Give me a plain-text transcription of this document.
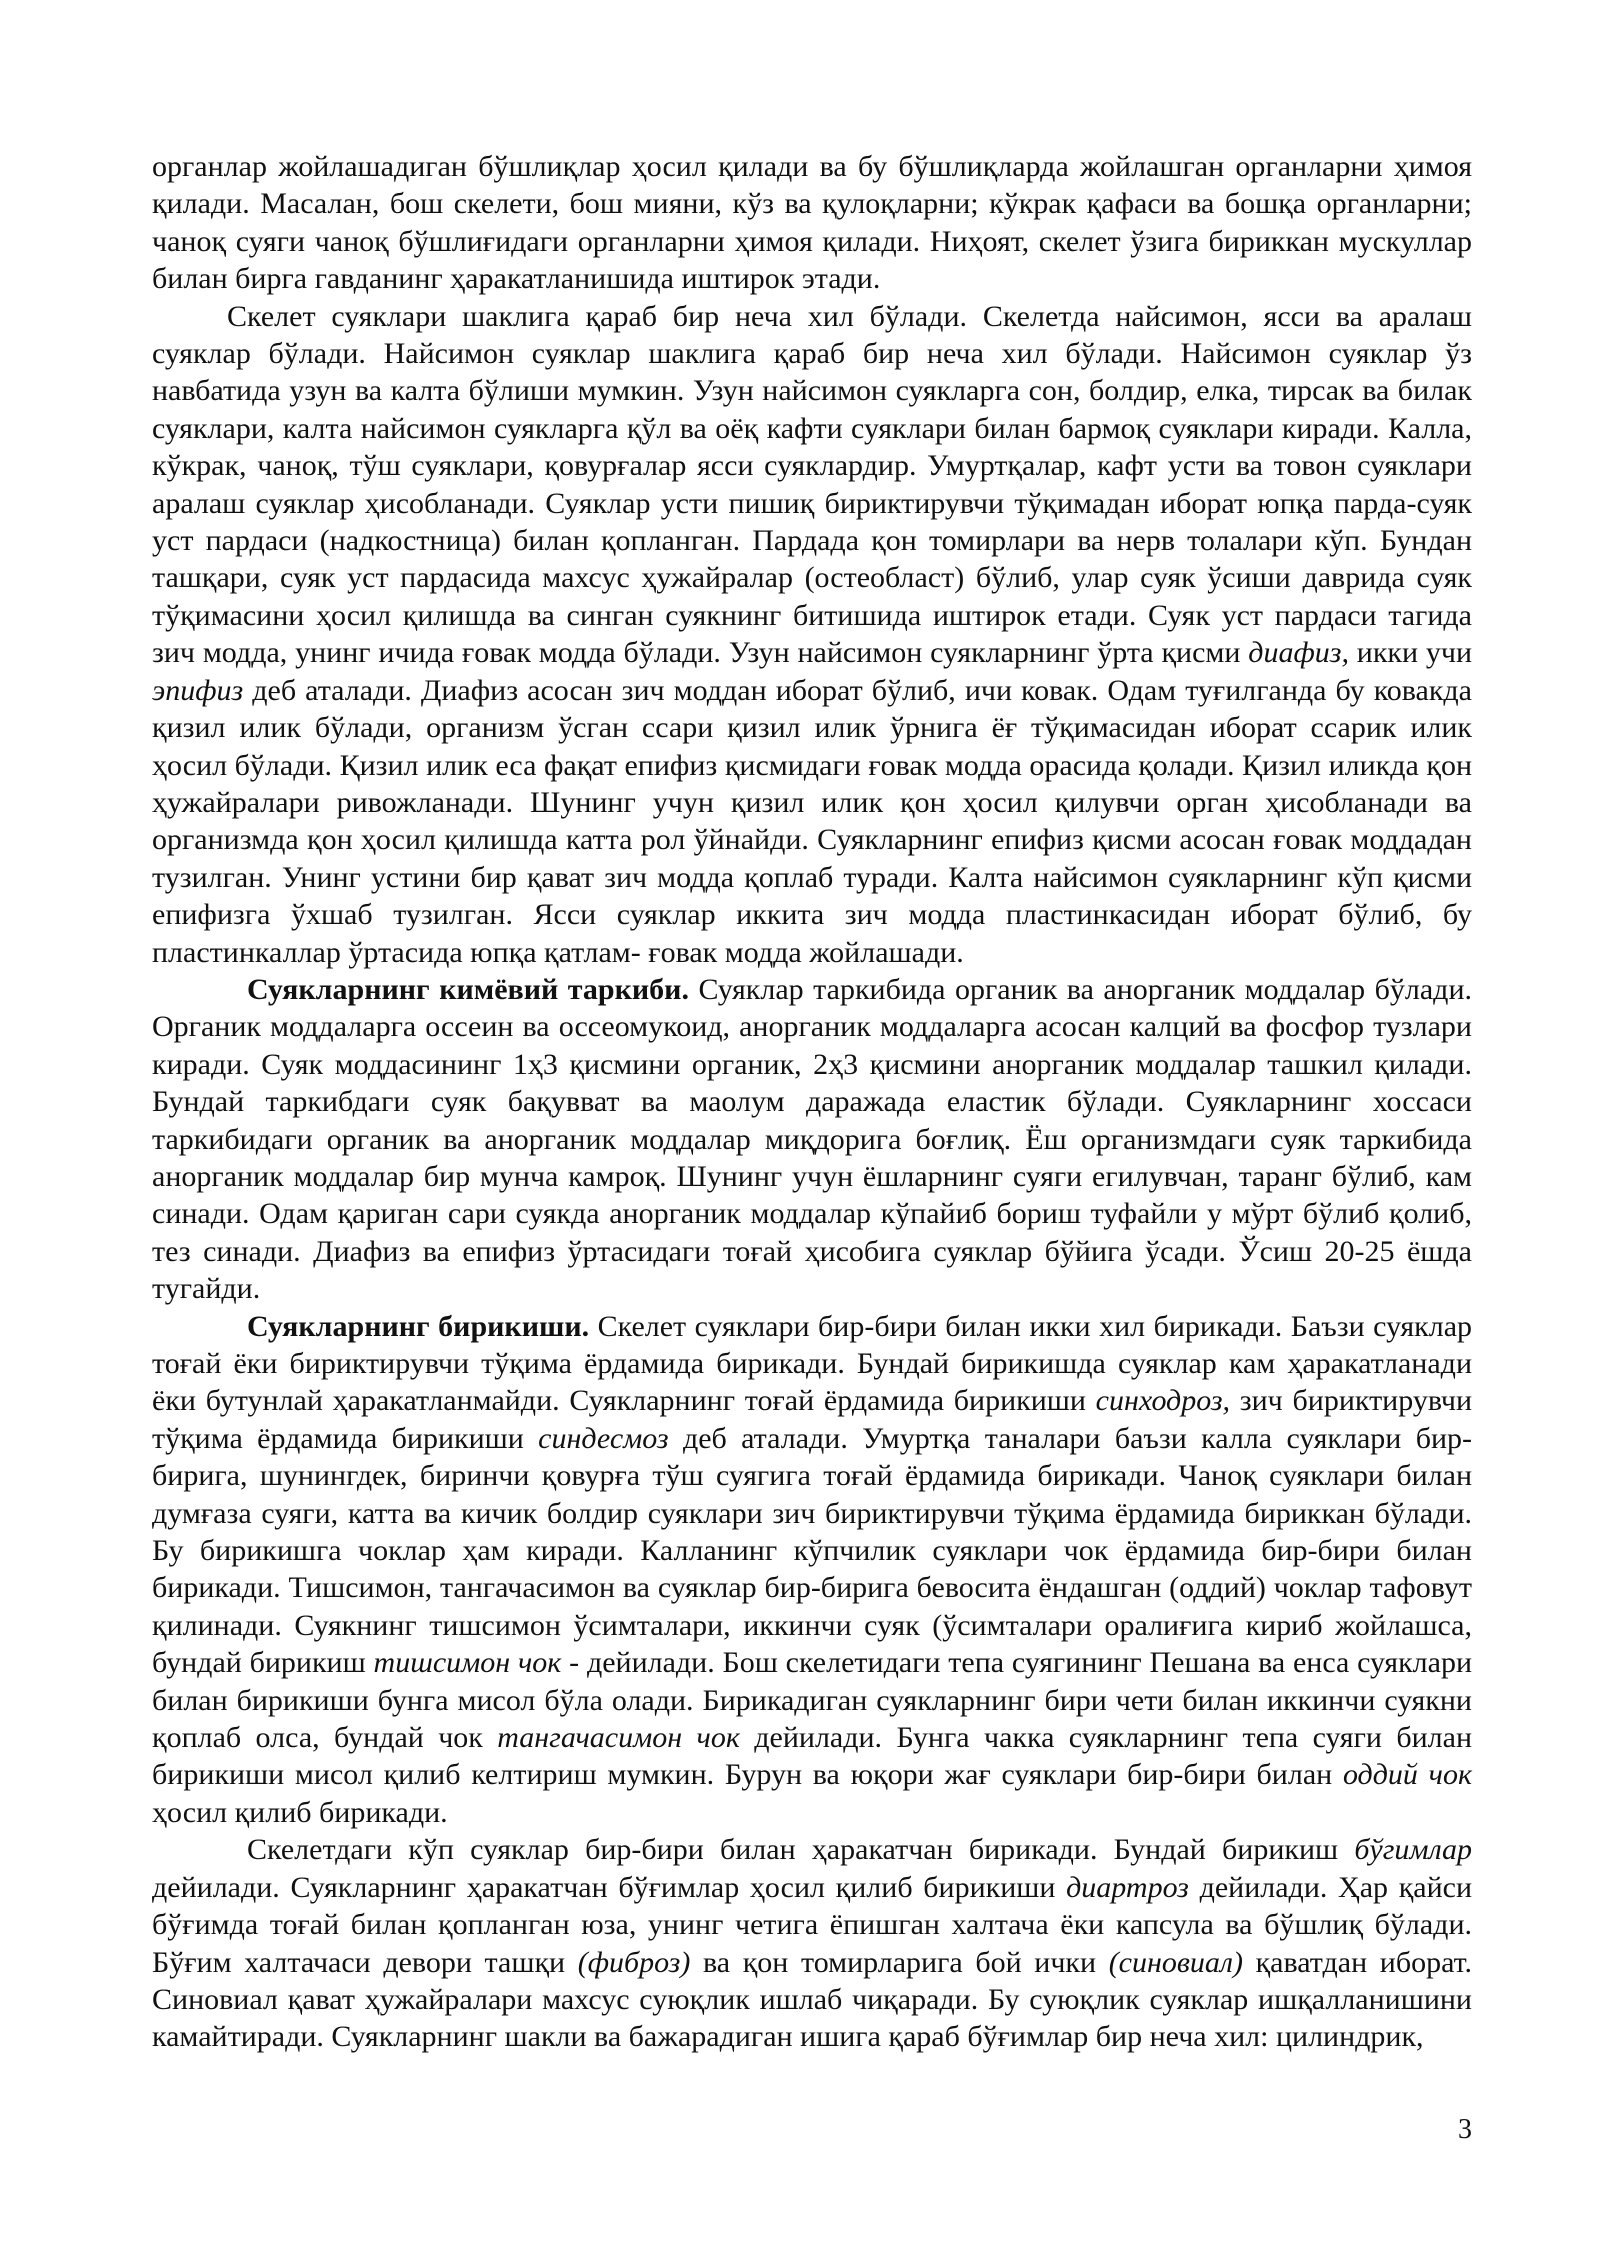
органлар жойлашадиган бўшлиқлар ҳосил қилади ва бу бўшлиқларда жойлашган органларни ҳимоя қилади. Масалан, бош скелети, бош мияни, кўз ва қулоқларни; кўкрак қафаси ва бошқа органларни; чаноқ суяги чаноқ бўшлиғидаги органларни ҳимоя қилади. Ниҳоят, скелет ўзига бириккан мускуллар билан бирга гавданинг ҳаракатланишида иштирок этади.

Скелет суяклари шаклига қараб бир неча хил бўлади. Скелетда найсимон, ясси ва аралаш суяклар бўлади. Найсимон суяклар шаклига қараб бир неча хил бўлади. Найсимон суяклар ўз навбатида узун ва калта бўлиши мумкин. Узун найсимон суякларга сон, болдир, елка, тирсак ва билак суяклари, калта найсимон суякларга қўл ва оёқ кафти суяклари билан бармоқ суяклари киради. Калла, кўкрак, чаноқ, тўш суяклари, қовурғалар ясси суяклардир. Умуртқалар, кафт усти ва товон суяклари аралаш суяклар ҳисобланади. Суяклар усти пишиқ бириктирувчи тўқимадан иборат юпқа парда-суяк уст пардаси (надкостница) билан қопланган. Пардада қон томирлари ва нерв толалари кўп. Бундан ташқари, суяк уст пардасида махсус ҳужайралар (остеобласт) бўлиб, улар суяк ўсиши даврида суяк тўқимасини ҳосил қилишда ва синган суякнинг битишида иштирок етади. Суяк уст пардаси тагида зич модда, унинг ичида ғовак модда бўлади. Узун найсимон суякларнинг ўрта қисми диафиз, икки учи эпифиз деб аталади. Диафиз асосан зич моддан иборат бўлиб, ичи ковак. Одам туғилганда бу ковакда қизил илик бўлади, организм ўсган ссари қизил илик ўрнига ёғ тўқимасидан иборат ссарик илик ҳосил бўлади. Қизил илик еса фақат епифиз қисмидаги ғовак модда орасида қолади. Қизил иликда қон ҳужайралари ривожланади. Шунинг учун қизил илик қон ҳосил қилувчи орган ҳисобланади ва организмда қон ҳосил қилишда катта рол ўйнайди. Суякларнинг епифиз қисми асосан ғовак моддадан тузилган. Унинг устини бир қават зич модда қоплаб туради. Калта найсимон суякларнинг кўп қисми епифизга ўхшаб тузилган. Ясси суяклар иккита зич модда пластинкасидан иборат бўлиб, бу пластинкаллар ўртасида юпқа қатлам- ғовак модда жойлашади.

Суякларнинг кимёвий таркиби. Суяклар таркибида органик ва анорганик моддалар бўлади. Органик моддаларга оссеин ва оссеомукоид, анорганик моддаларга асосан калций ва фосфор тузлари киради. Суяк моддасининг 1ҳ3 қисмини органик, 2ҳ3 қисмини анорганик моддалар ташкил қилади. Бундай таркибдаги суяк бақувват ва маолум даражада еластик бўлади. Суякларнинг хоссаси таркибидаги органик ва анорганик моддалар миқдорига боғлиқ. Ёш организмдаги суяк таркибида анорганик моддалар бир мунча камроқ. Шунинг учун ёшларнинг суяги егилувчан, таранг бўлиб, кам синади. Одам қариган сари суякда анорганик моддалар кўпайиб бориш туфайли у мўрт бўлиб қолиб, тез синади. Диафиз ва епифиз ўртасидаги тоғай ҳисобига суяклар бўйига ўсади. Ўсиш 20-25 ёшда тугайди.

Суякларнинг бирикиши. Скелет суяклари бир-бири билан икки хил бирикади. Баъзи суяклар тоғай ёки бириктирувчи тўқима ёрдамида бирикади. Бундай бирикишда суяклар кам ҳаракатланади ёки бутунлай ҳаракатланмайди. Суякларнинг тоғай ёрдамида бирикиши синходроз, зич бириктирувчи тўқима ёрдамида бирикиши синдесмоз деб аталади. Умуртқа таналари баъзи калла суяклари бир-бирига, шунингдек, биринчи қовурға тўш суягига тоғай ёрдамида бирикади. Чаноқ суяклари билан думғаза суяги, катта ва кичик болдир суяклари зич бириктирувчи тўқима ёрдамида бириккан бўлади. Бу бирикишга чоклар ҳам киради. Калланинг кўпчилик суяклари чок ёрдамида бир-бири билан бирикади. Тишсимон, тангачасимон ва суяклар бир-бирига бевосита ёндашган (оддий) чоклар тафовут қилинади. Суякнинг тишсимон ўсимталари, иккинчи суяк (ўсимталари оралиғига кириб жойлашса, бундай бирикиш тишсимон чок - дейилади. Бош скелетидаги тепа суягининг Пешана ва енса суяклари билан бирикиши бунга мисол бўла олади. Бирикадиган суякларнинг бири чети билан иккинчи суякни қоплаб олса, бундай чок тангачасимон чок дейилади. Бунга чакка суякларнинг тепа суяги билан бирикиши мисол қилиб келтириш мумкин. Бурун ва юқори жағ суяклари бир-бири билан оддий чок ҳосил қилиб бирикади.

Скелетдаги кўп суяклар бир-бири билан ҳаракатчан бирикади. Бундай бирикиш бўгимлар дейилади. Суякларнинг ҳаракатчан бўғимлар ҳосил қилиб бирикиши диартроз дейилади. Ҳар қайси бўғимда тоғай билан қопланган юза, унинг четига ёпишган халтача ёки капсула ва бўшлиқ бўлади. Бўғим халтачаси девори ташқи (фиброз) ва қон томирларига бой ички (синовиал) қаватдан иборат. Синовиал қават ҳужайралари махсус суюқлик ишлаб чиқаради. Бу суюқлик суяклар ишқалланишини камайтиради. Суякларнинг шакли ва бажарадиган ишига қараб бўғимлар бир неча хил: цилиндрик,

3
